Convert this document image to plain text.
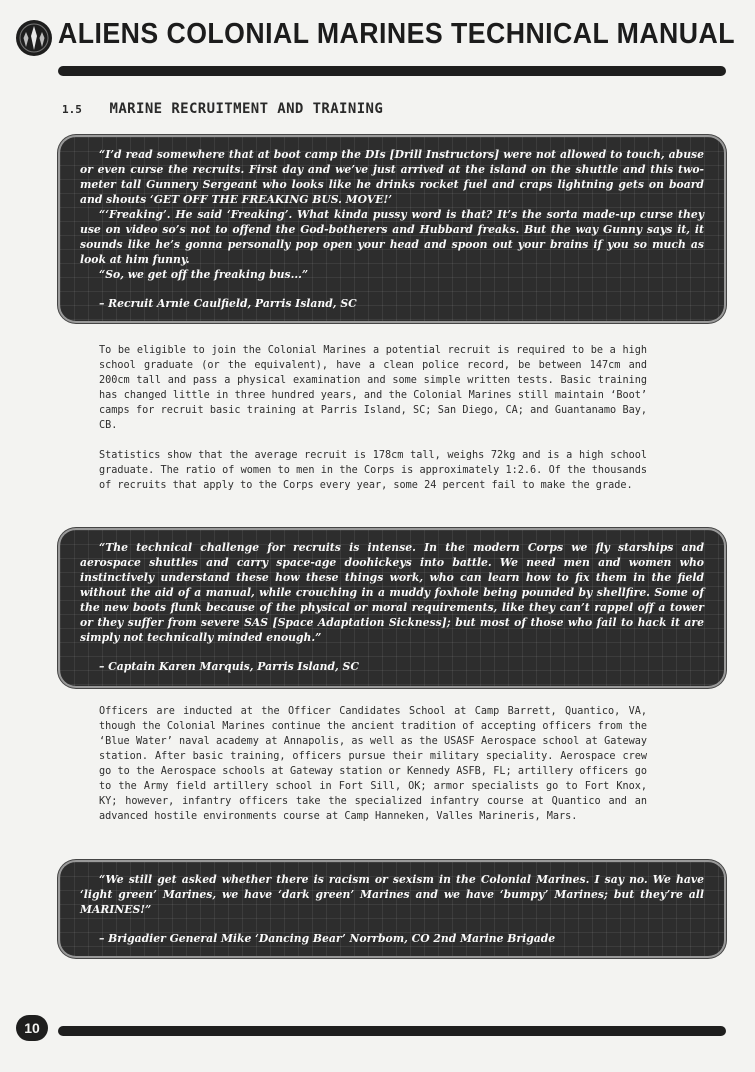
ALIENS COLONIAL MARINES TECHNICAL MANUAL
1.5 MARINE RECRUITMENT AND TRAINING

“I’d read somewhere that at boot camp the DIs [Drill Instructors] were not allowed to touch, abuse or even curse the recruits. First day and we’ve just arrived at the island on the shuttle and this two-meter tall Gunnery Sergeant who looks like he drinks rocket fuel and craps lightning gets on board and shouts ‘GET OFF THE FREAKING BUS. MOVE!’

“‘Freaking’. He said ‘Freaking’. What kinda pussy word is that? It’s the sorta made-up curse they use on video so’s not to offend the God-botherers and Hubbard freaks. But the way Gunny says it, it sounds like he’s gonna personally pop open your head and spoon out your brains if you so much as look at him funny.

“So, we get off the freaking bus...”

– Recruit Arnie Caulfield, Parris Island, SC

To be eligible to join the Colonial Marines a potential recruit is required to be a high school graduate (or the equivalent), have a clean police record, be between 147cm and 200cm tall and pass a physical examination and some simple written tests. Basic training has changed little in three hundred years, and the Colonial Marines still maintain ‘Boot’ camps for recruit basic training at Parris Island, SC; San Diego, CA; and Guantanamo Bay, CB.

Statistics show that the average recruit is 178cm tall, weighs 72kg and is a high school graduate. The ratio of women to men in the Corps is approximately 1:2.6. Of the thousands of recruits that apply to the Corps every year, some 24 percent fail to make the grade.

“The technical challenge for recruits is intense. In the modern Corps we fly starships and aerospace shuttles and carry space-age doohickeys into battle. We need men and women who instinctively understand these how these things work, who can learn how to fix them in the field without the aid of a manual, while crouching in a muddy foxhole being pounded by shellfire. Some of the new boots flunk because of the physical or moral requirements, like they can’t rappel off a tower or they suffer from severe SAS [Space Adaptation Sickness]; but most of those who fail to hack it are simply not technically minded enough.”

– Captain Karen Marquis, Parris Island, SC

Officers are inducted at the Officer Candidates School at Camp Barrett, Quantico, VA, though the Colonial Marines continue the ancient tradition of accepting officers from the ‘Blue Water’ naval academy at Annapolis, as well as the USASF Aerospace school at Gateway station. After basic training, officers pursue their military speciality. Aerospace crew go to the Aerospace schools at Gateway station or Kennedy ASFB, FL; artillery officers go to the Army field artillery school in Fort Sill, OK; armor specialists go to Fort Knox, KY; however, infantry officers take the specialized infantry course at Quantico and an advanced hostile environments course at Camp Hanneken, Valles Marineris, Mars.

“We still get asked whether there is racism or sexism in the Colonial Marines. I say no. We have ‘light green’ Marines, we have ‘dark green’ Marines and we have ‘bumpy’ Marines; but they’re all MARINES!”

– Brigadier General Mike ‘Dancing Bear’ Norrbom, CO 2nd Marine Brigade

10
